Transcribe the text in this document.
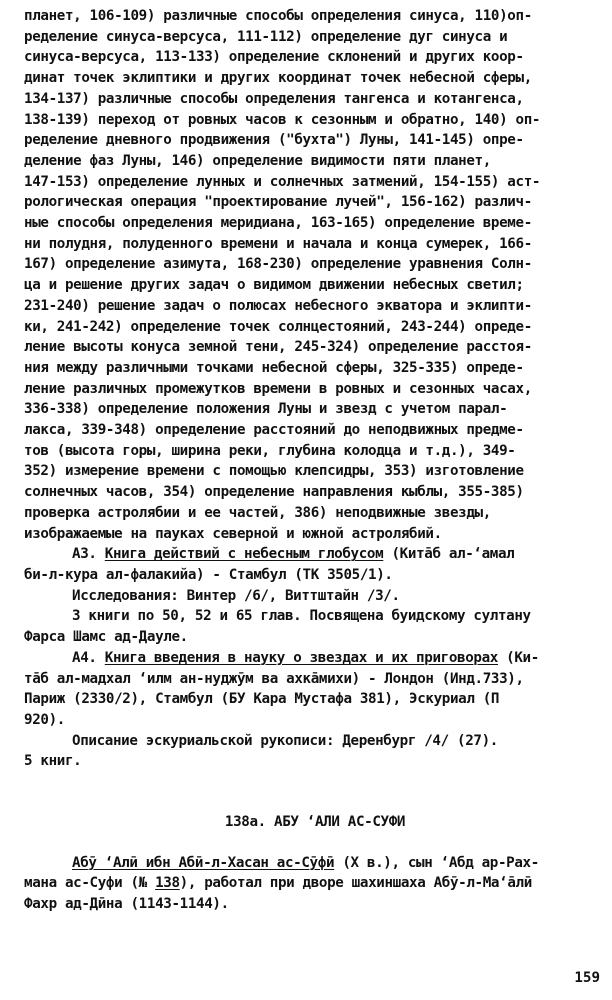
планет, 106-109) различные способы определения синуса, 110)оп-
ределение синуса-версуса, 111-112) определение дуг синуса и
синуса-версуса, 113-133) определение склонений и других коор-
динат точек эклиптики и других координат точек небесной сферы,
134-137) различные способы определения тангенса и котангенса,
138-139) переход от ровных часов к сезонным и обратно, 140) оп-
ределение дневного продвижения ("бухта") Луны, 141-145) опре-
деление фаз Луны, 146) определение видимости пяти планет,
147-153) определение лунных и солнечных затмений, 154-155) аст-
рологическая операция "проектирование лучей", 156-162) различ-
ные способы определения меридиана, 163-165) определение време-
ни полудня, полуденного времени и начала и конца сумерек, 166-
167) определение азимута, 168-230) определение уравнения Солн-
ца и решение других задач о видимом движении небесных светил;
231-240) решение задач о полюсах небесного экватора и эклипти-
ки, 241-242) определение точек солнцестояний, 243-244) опреде-
ление высоты конуса земной тени, 245-324) определение расстоя-
ния между различными точками небесной сферы, 325-335) опреде-
ление различных промежутков времени в ровных и сезонных часах,
336-338) определение положения Луны и звезд с учетом парал-
лакса, 339-348) определение расстояний до неподвижных предме-
тов (высота горы, ширина реки, глубина колодца и т.д.), 349-
352) измерение времени с помощью клепсидры, 353) изготовление
солнечных часов, 354) определение направления кыблы, 355-385)
проверка астролябии и ее частей, 386) неподвижные звезды,
изображаемые на пауках северной и южной астролябий.

А3. Книга действий с небесным глобусом (Кита̄б ал-ʻамал
би-л-кура ал-фалакийа) - Стамбул (ТК 3505/1).
Исследования: Винтер /6/, Виттштайн /3/.
3 книги по 50, 52 и 65 глав. Посвящена буидскому султану
Фарса Шамс ад-Дауле.

А4. Книга введения в науку о звездах и их приговорах (Ки-
та̄б ал-мадхал ʻилм ан-нуджӯм ва ахка̄михи) - Лондон (Инд.733),
Париж (2330/2), Стамбул (БУ Кара Мустафа 381), Эскуриал (П
920).
Описание эскуриальской рукописи: Деренбург /4/ (27).
5 книг.

138а. АБУ ʻАЛИ АС-СУФИ

Абӯ ʻАлӣ ибн Абӣ-л-Хасан ас-Сӯфӣ (X в.), сын ʻАбд ар-Рах-
мана ас-Суфи (№ 138), работал при дворе шахиншаха Абӯ-л-Маʻа̄лӣ
Фахр ад-Дӣна (1143-1144).

159
